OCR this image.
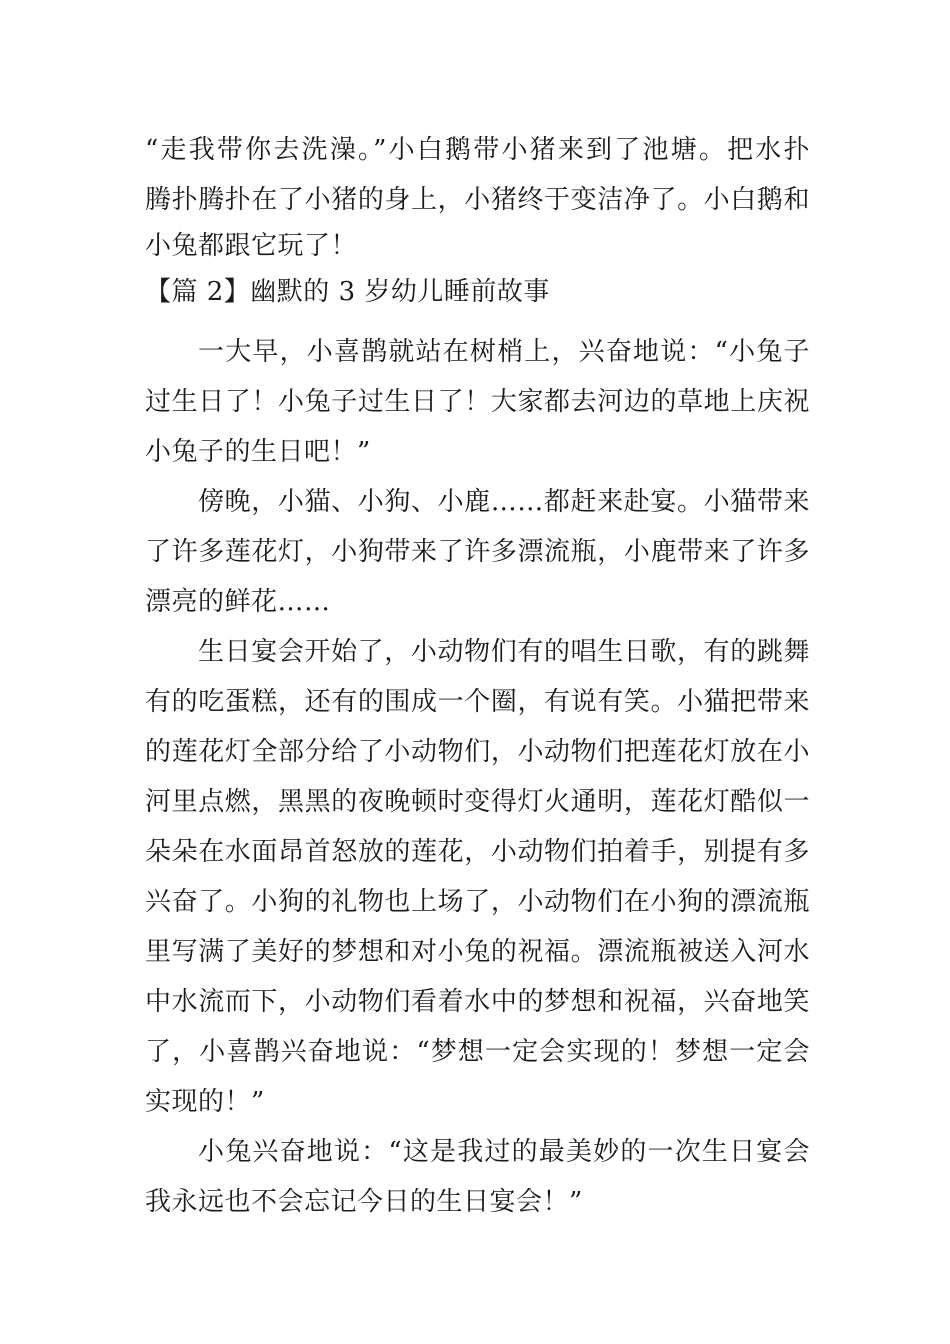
“走我带你去洗澡。”小白鹅带小猪来到了池塘。把水扑
腾扑腾扑在了小猪的身上，小猪终于变洁净了。小白鹅和
小兔都跟它玩了！
【篇 2】幽默的 3 岁幼儿睡前故事
一大早，小喜鹊就站在树梢上，兴奋地说：“小兔子
过生日了！小兔子过生日了！大家都去河边的草地上庆祝
小兔子的生日吧！”
傍晚，小猫、小狗、小鹿……都赶来赴宴。小猫带来
了许多莲花灯，小狗带来了许多漂流瓶，小鹿带来了许多
漂亮的鲜花……
生日宴会开始了，小动物们有的唱生日歌，有的跳舞
有的吃蛋糕，还有的围成一个圈，有说有笑。小猫把带来
的莲花灯全部分给了小动物们，小动物们把莲花灯放在小
河里点燃，黑黑的夜晚顿时变得灯火通明，莲花灯酷似一
朵朵在水面昂首怒放的莲花，小动物们拍着手，别提有多
兴奋了。小狗的礼物也上场了，小动物们在小狗的漂流瓶
里写满了美好的梦想和对小兔的祝福。漂流瓶被送入河水
中水流而下，小动物们看着水中的梦想和祝福，兴奋地笑
了，小喜鹊兴奋地说：“梦想一定会实现的！梦想一定会
实现的！”
小兔兴奋地说：“这是我过的最美妙的一次生日宴会
我永远也不会忘记今日的生日宴会！”
